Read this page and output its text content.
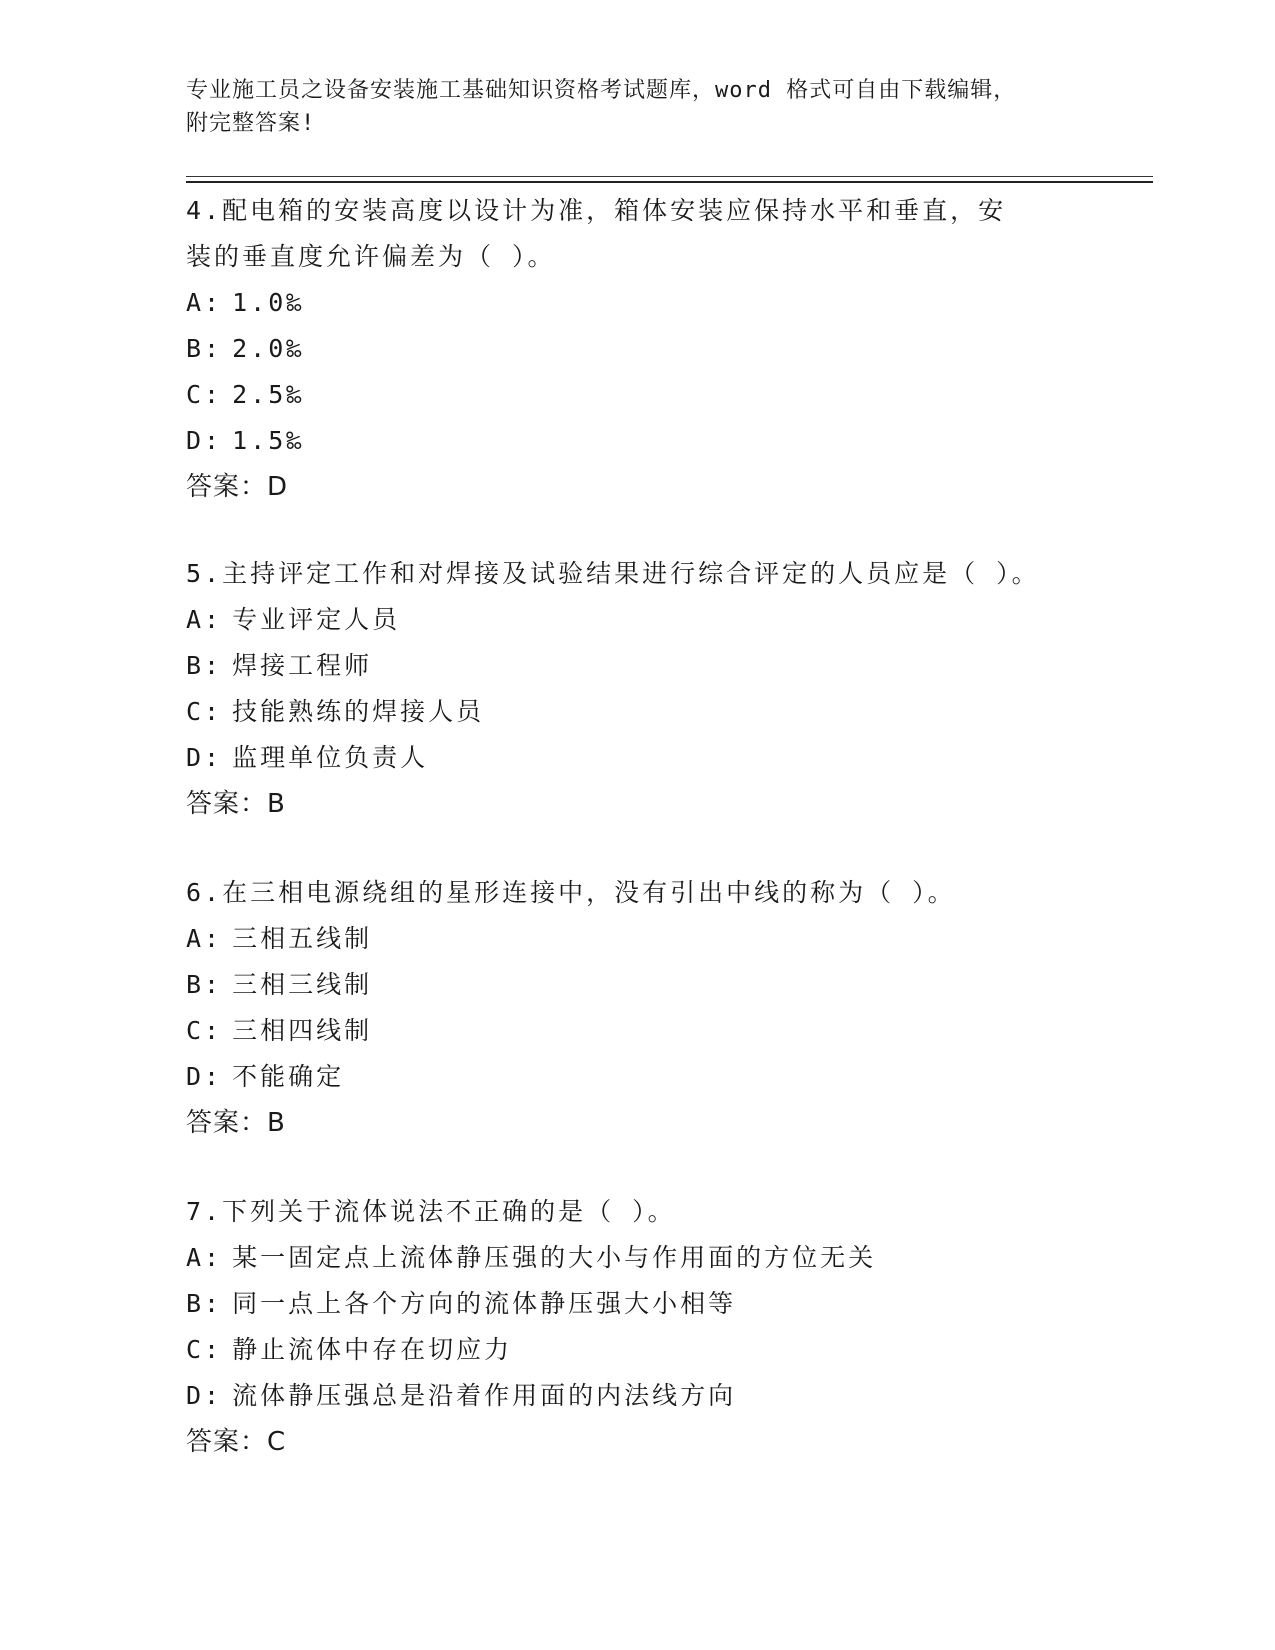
专业施工员之设备安装施工基础知识资格考试题库，word 格式可自由下载编辑，
附完整答案!

4.配电箱的安装高度以设计为准，箱体安装应保持水平和垂直，安装的垂直度允许偏差为（ ）。

A: 1.0‰

B: 2.0‰

C: 2.5‰

D: 1.5‰

答案：D

5.主持评定工作和对焊接及试验结果进行综合评定的人员应是（ ）。

A: 专业评定人员

B: 焊接工程师

C: 技能熟练的焊接人员

D: 监理单位负责人

答案：B

6.在三相电源绕组的星形连接中，没有引出中线的称为（ ）。

A: 三相五线制

B: 三相三线制

C: 三相四线制

D: 不能确定

答案：B

7.下列关于流体说法不正确的是（ ）。

A: 某一固定点上流体静压强的大小与作用面的方位无关

B: 同一点上各个方向的流体静压强大小相等

C: 静止流体中存在切应力

D: 流体静压强总是沿着作用面的内法线方向

答案：C
